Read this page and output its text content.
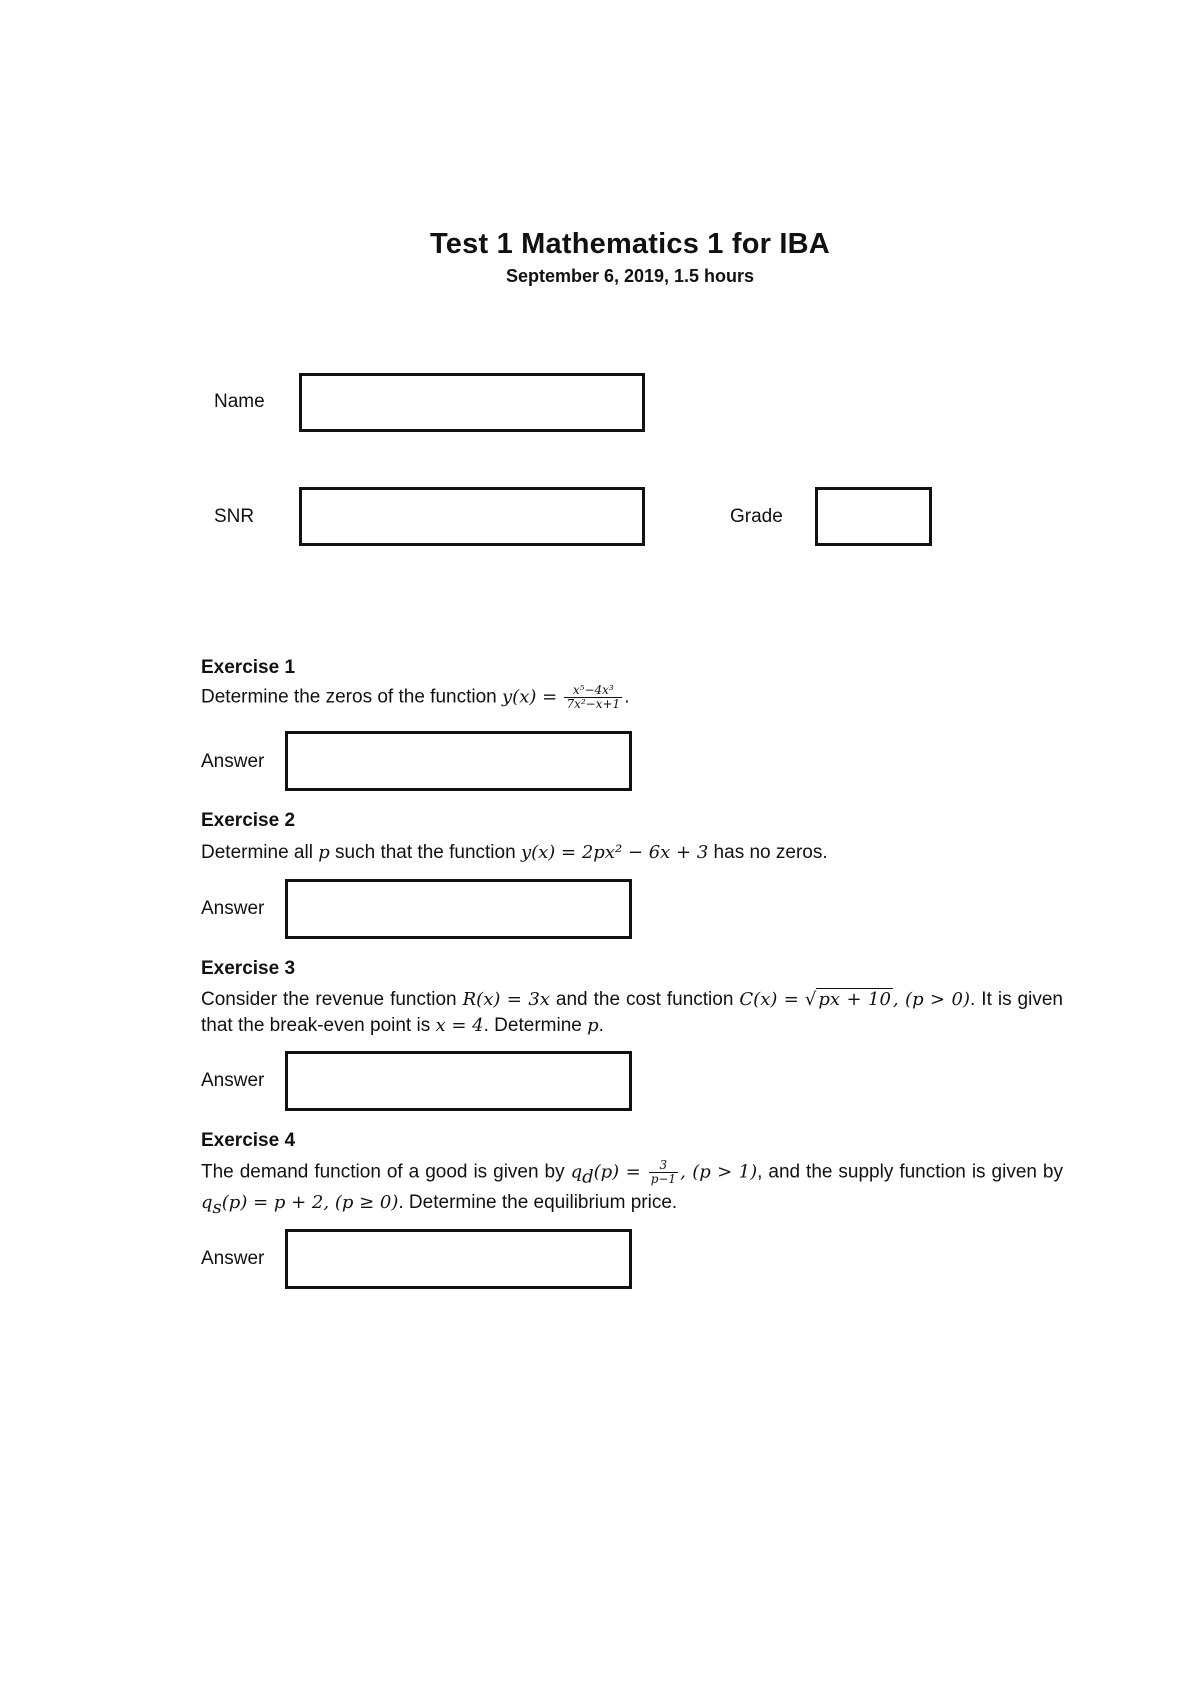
Test 1 Mathematics 1 for IBA
September 6, 2019, 1.5 hours
Name
SNR	Grade
Exercise 1
Determine the zeros of the function $y(x) = \frac{\text{x⁵−4x³}}{\text{7x²−x+1}}$ .
Answer
Exercise 2
Determine all p such that the function y(x) = 2px² − 6x + 3 has no zeros.
Answer
Exercise 3
Consider the revenue function R(x) = 3x and the cost function C(x) = √ px + 10 , (p > 0). It is given that the break-even point is x = 4. Determine p.
Answer
Exercise 4
The demand function of a good is given by $q_d(p) = \frac{3}{p-1}$ , (p > 1), and the supply function is given by $q_s(p) = p + 2$, (p ≥ 0). Determine the equilibrium price.
Answer
